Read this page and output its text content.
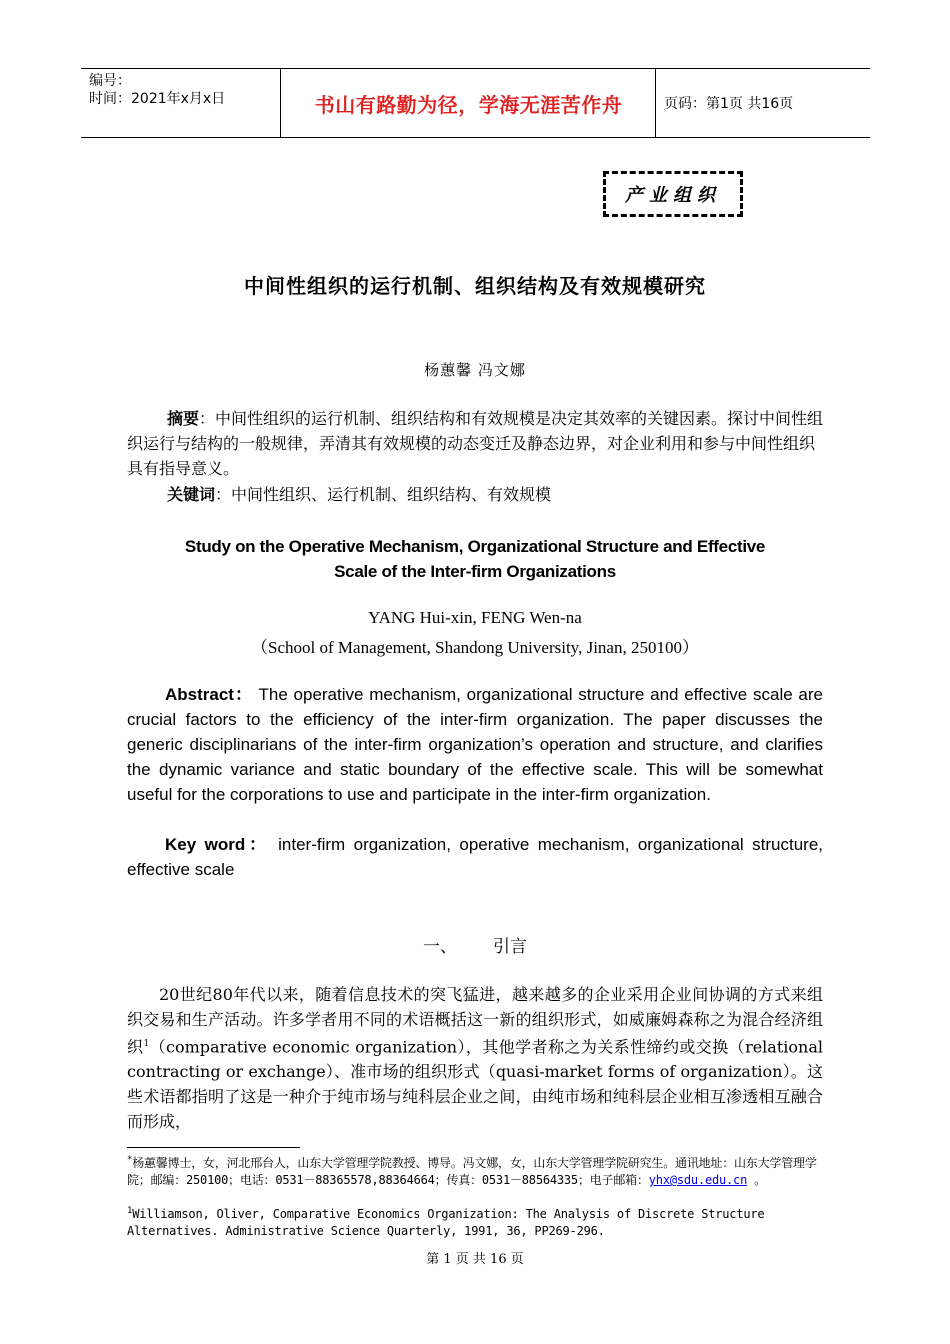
编号：
时间：2021年x月x日	书山有路勤为径，学海无涯苦作舟	页码：第1页 共16页
产业组织
中间性组织的运行机制、组织结构及有效规模研究
杨蕙馨 冯文娜
摘要：中间性组织的运行机制、组织结构和有效规模是决定其效率的关键因素。探讨中间性组织运行与结构的一般规律，弄清其有效规模的动态变迁及静态边界，对企业利用和参与中间性组织具有指导意义。
关键词：中间性组织、运行机制、组织结构、有效规模
Study on the Operative Mechanism, Organizational Structure and Effective
Scale of the Inter-firm Organizations
YANG Hui-xin, FENG Wen-na
（School of Management, Shandong University, Jinan, 250100）
Abstract： The operative mechanism, organizational structure and effective scale are crucial factors to the efficiency of the inter-firm organization. The paper discusses the generic disciplinarians of the inter-firm organization’s operation and structure, and clarifies the dynamic variance and static boundary of the effective scale. This will be somewhat useful for the corporations to use and participate in the inter-firm organization.
Key word： inter-firm organization, operative mechanism, organizational structure, effective scale
一、 引言
20世纪80年代以来，随着信息技术的突飞猛进，越来越多的企业采用企业间协调的方式来组织交易和生产活动。许多学者用不同的术语概括这一新的组织形式，如威廉姆森称之为混合经济组织$^1$（comparative economic organization），其他学者称之为关系性缔约或交换（relational contracting or exchange）、准市场的组织形式（quasi-market forms of organization）。这些术语都指明了这是一种介于纯市场与纯科层企业之间，由纯市场和纯科层企业相互渗透相互融合而形成，
*杨蕙馨博士，女，河北邢台人，山东大学管理学院教授、博导。冯文娜，女，山东大学管理学院研究生。通讯地址：山东大学管理学院；邮编：250100；电话：0531－88365578,88364664；传真：0531－88564335；电子邮箱：yhx@sdu.edu.cn 。
$^1$Williamson, Oliver, Comparative Economics Organization: The Analysis of Discrete Structure Alternatives. Administrative Science Quarterly, 1991, 36, PP269-296.
第 1 页 共 16 页
